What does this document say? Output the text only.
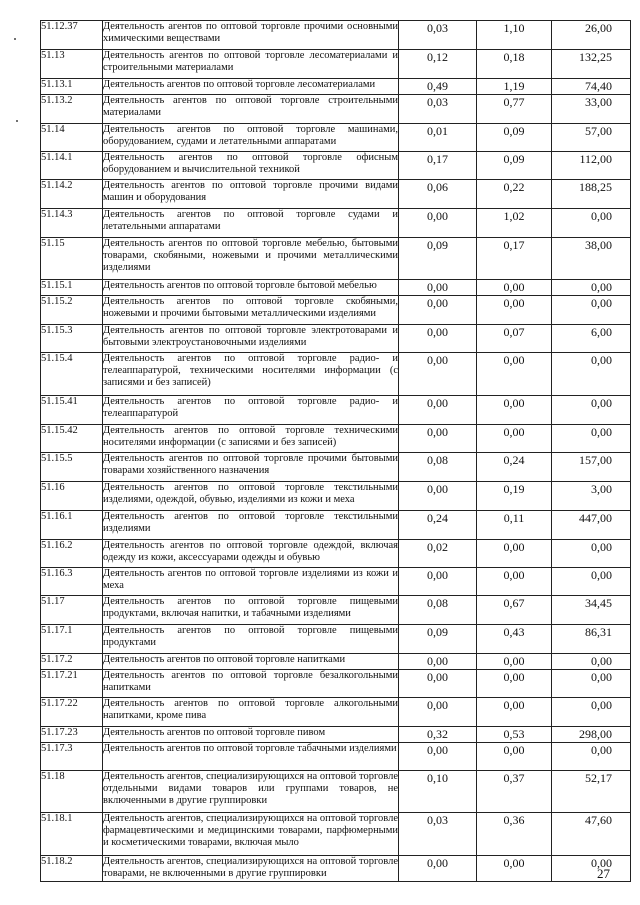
51.12.37	Деятельность агентов по оптовой торговле прочими основными химическими веществами	0,03	1,10	26,00
51.13	Деятельность агентов по оптовой торговле лесоматериалами и строительными материалами	0,12	0,18	132,25
51.13.1	Деятельность агентов по оптовой торговле лесоматериалами	0,49	1,19	74,40
51.13.2	Деятельность агентов по оптовой торговле строительными материалами	0,03	0,77	33,00
51.14	Деятельность агентов по оптовой торговле машинами, оборудованием, судами и летательными аппаратами	0,01	0,09	57,00
51.14.1	Деятельность агентов по оптовой торговле офисным оборудованием и вычислительной техникой	0,17	0,09	112,00
51.14.2	Деятельность агентов по оптовой торговле прочими видами машин и оборудования	0,06	0,22	188,25
51.14.3	Деятельность агентов по оптовой торговле судами и летательными аппаратами	0,00	1,02	0,00
51.15	Деятельность агентов по оптовой торговле мебелью, бытовыми товарами, скобяными, ножевыми и прочими металлическими изделиями	0,09	0,17	38,00
51.15.1	Деятельность агентов по оптовой торговле бытовой мебелью	0,00	0,00	0,00
51.15.2	Деятельность агентов по оптовой торговле скобяными, ножевыми и прочими бытовыми металлическими изделиями	0,00	0,00	0,00
51.15.3	Деятельность агентов по оптовой торговле электротоварами и бытовыми электроустановочными изделиями	0,00	0,07	6,00
51.15.4	Деятельность агентов по оптовой торговле радио- и телеаппаратурой, техническими носителями информации (с записями и без записей)	0,00	0,00	0,00
51.15.41	Деятельность агентов по оптовой торговле радио- и телеаппаратурой	0,00	0,00	0,00
51.15.42	Деятельность агентов по оптовой торговле техническими носителями информации (с записями и без записей)	0,00	0,00	0,00
51.15.5	Деятельность агентов по оптовой торговле прочими бытовыми товарами хозяйственного назначения	0,08	0,24	157,00
51.16	Деятельность агентов по оптовой торговле текстильными изделиями, одеждой, обувью, изделиями из кожи и меха	0,00	0,19	3,00
51.16.1	Деятельность агентов по оптовой торговле текстильными изделиями	0,24	0,11	447,00
51.16.2	Деятельность агентов по оптовой торговле одеждой, включая одежду из кожи, аксессуарами одежды и обувью	0,02	0,00	0,00
51.16.3	Деятельность агентов по оптовой торговле изделиями из кожи и меха	0,00	0,00	0,00
51.17	Деятельность агентов по оптовой торговле пищевыми продуктами, включая напитки, и табачными изделиями	0,08	0,67	34,45
51.17.1	Деятельность агентов по оптовой торговле пищевыми продуктами	0,09	0,43	86,31
51.17.2	Деятельность агентов по оптовой торговле напитками	0,00	0,00	0,00
51.17.21	Деятельность агентов по оптовой торговле безалкогольными напитками	0,00	0,00	0,00
51.17.22	Деятельность агентов по оптовой торговле алкогольными напитками, кроме пива	0,00	0,00	0,00
51.17.23	Деятельность агентов по оптовой торговле пивом	0,32	0,53	298,00
51.17.3	Деятельность агентов по оптовой торговле табачными изделиями	0,00	0,00	0,00
51.18	Деятельность агентов, специализирующихся на оптовой торговле отдельными видами товаров или группами товаров, не включенными в другие группировки	0,10	0,37	52,17
51.18.1	Деятельность агентов, специализирующихся на оптовой торговле фармацевтическими и медицинскими товарами, парфюмерными и косметическими товарами, включая мыло	0,03	0,36	47,60
51.18.2	Деятельность агентов, специализирующихся на оптовой торговле товарами, не включенными в другие группировки	0,00	0,00	0,00
27
